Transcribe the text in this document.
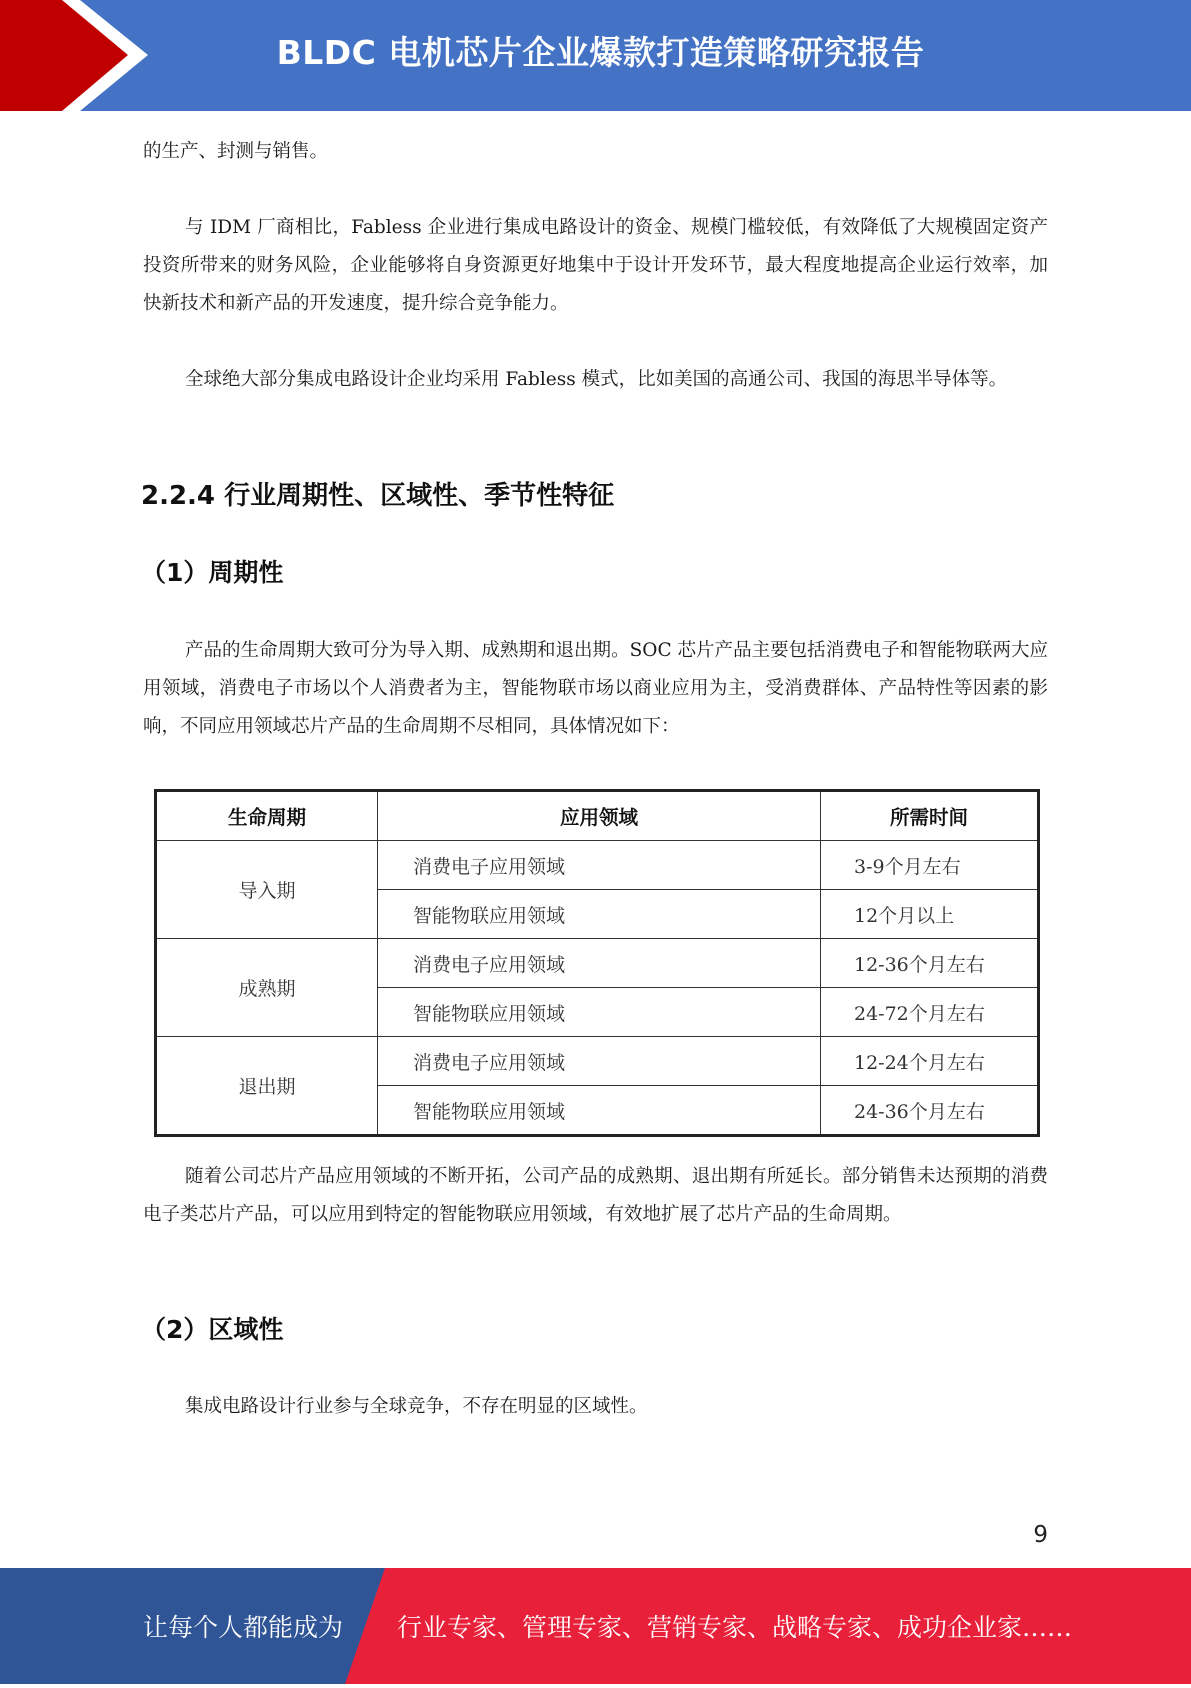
BLDC 电机芯片企业爆款打造策略研究报告
的生产、封测与销售。
与 IDM 厂商相比，Fabless 企业进行集成电路设计的资金、规模门槛较低，有效降低了大规模固定资产投资所带来的财务风险，企业能够将自身资源更好地集中于设计开发环节，最大程度地提高企业运行效率，加快新技术和新产品的开发速度，提升综合竞争能力。
全球绝大部分集成电路设计企业均采用 Fabless 模式，比如美国的高通公司、我国的海思半导体等。
2.2.4 行业周期性、区域性、季节性特征
（1）周期性
产品的生命周期大致可分为导入期、成熟期和退出期。SOC 芯片产品主要包括消费电子和智能物联两大应用领域，消费电子市场以个人消费者为主，智能物联市场以商业应用为主，受消费群体、产品特性等因素的影响，不同应用领域芯片产品的生命周期不尽相同，具体情况如下：
生命周期	应用领域	所需时间
导入期	消费电子应用领域	3-9个月左右
	智能物联应用领域	12个月以上
成熟期	消费电子应用领域	12-36个月左右
	智能物联应用领域	24-72个月左右
退出期	消费电子应用领域	12-24个月左右
	智能物联应用领域	24-36个月左右
随着公司芯片产品应用领域的不断开拓，公司产品的成熟期、退出期有所延长。部分销售未达预期的消费电子类芯片产品，可以应用到特定的智能物联应用领域，有效地扩展了芯片产品的生命周期。
（2）区域性
集成电路设计行业参与全球竞争，不存在明显的区域性。
9
让每个人都能成为 行业专家、管理专家、营销专家、战略专家、成功企业家……
